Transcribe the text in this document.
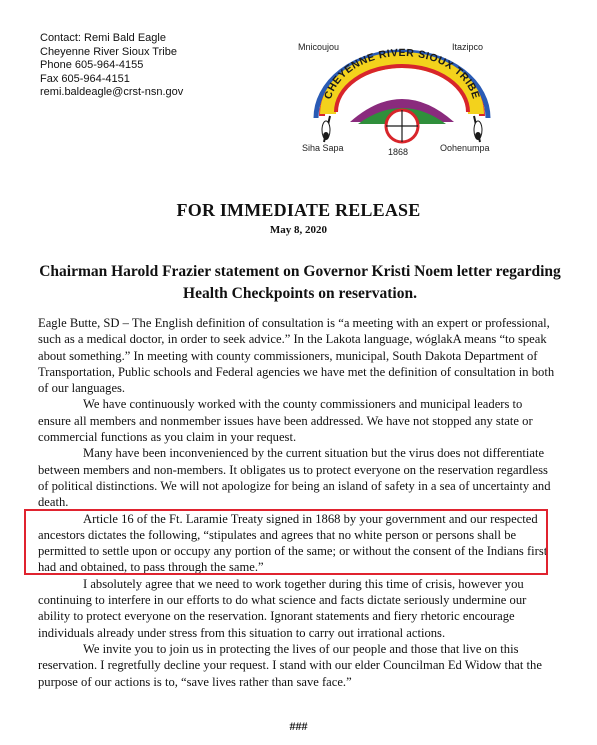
Contact: Remi Bald Eagle
Cheyenne River Sioux Tribe
Phone 605-964-4155
Fax 605-964-4151
remi.baldeagle@crst-nsn.gov
Mnicoujou	Itazipco
Siha Sapa	1868	Oohenumpa
CHEYENNE RIVER SIOUX TRIBE
FOR IMMEDIATE RELEASE
May 8, 2020
Chairman Harold Frazier statement on Governor Kristi Noem letter regarding Health Checkpoints on reservation.

Eagle Butte, SD – The English definition of consultation is “a meeting with an expert or professional, such as a medical doctor, in order to seek advice.” In the Lakota language, wóglakA means “to speak about something.” In meeting with county commissioners, municipal, South Dakota Department of Transportation, Public schools and Federal agencies we have met the definition of consultation in both of our languages.

We have continuously worked with the county commissioners and municipal leaders to ensure all members and nonmember issues have been addressed. We have not stopped any state or commercial functions as you claim in your request.

Many have been inconvenienced by the current situation but the virus does not differentiate between members and non-members. It obligates us to protect everyone on the reservation regardless of political distinctions. We will not apologize for being an island of safety in a sea of uncertainty and death.

Article 16 of the Ft. Laramie Treaty signed in 1868 by your government and our respected ancestors dictates the following, “stipulates and agrees that no white person or persons shall be permitted to settle upon or occupy any portion of the same; or without the consent of the Indians first had and obtained, to pass through the same.”

I absolutely agree that we need to work together during this time of crisis, however you continuing to interfere in our efforts to do what science and facts dictate seriously undermine our ability to protect everyone on the reservation. Ignorant statements and fiery rhetoric encourage individuals already under stress from this situation to carry out irrational actions.

We invite you to join us in protecting the lives of our people and those that live on this reservation. I regretfully decline your request. I stand with our elder Councilman Ed Widow that the purpose of our actions is to, “save lives rather than save face.”

###
